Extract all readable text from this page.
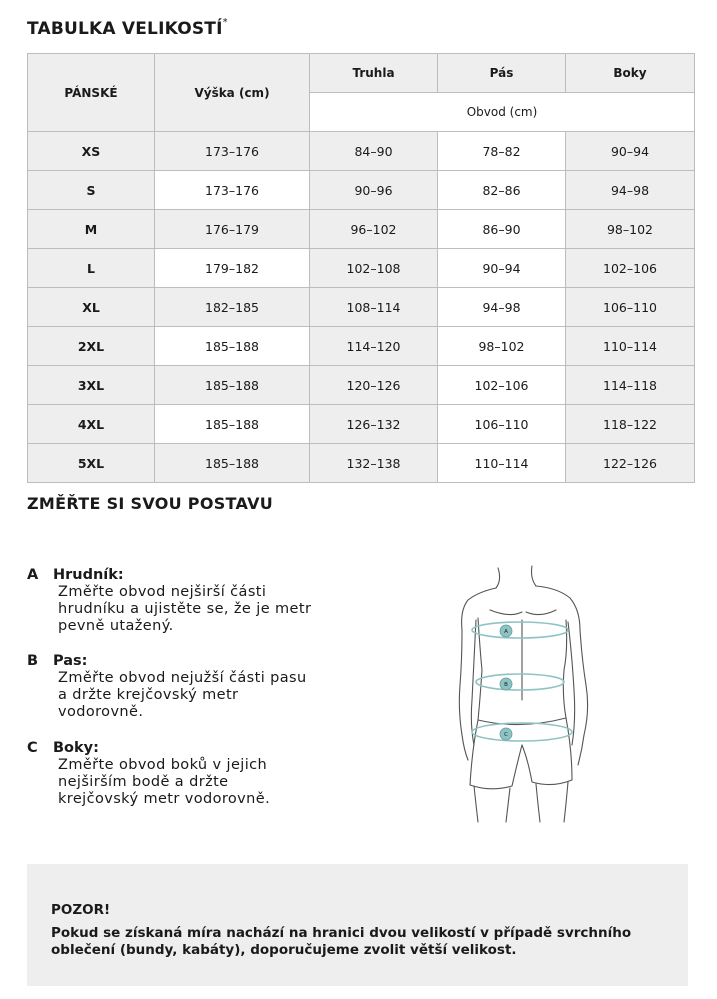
TABULKA VELIKOSTÍ*
PÁNSKÉ	Výška (cm)	Truhla	Pás	Boky
		Obvod (cm)		
XS	173–176	84–90	78–82	90–94
S	173–176	90–96	82–86	94–98
M	176–179	96–102	86–90	98–102
L	179–182	102–108	90–94	102–106
XL	182–185	108–114	94–98	106–110
2XL	185–188	114–120	98–102	110–114
3XL	185–188	120–126	102–106	114–118
4XL	185–188	126–132	106–110	118–122
5XL	185–188	132–138	110–114	122–126
ZMĚŘTE SI SVOU POSTAVU
A Hrudník:
Změřte obvod nejširší části
hrudníku a ujistěte se, že je metr
pevně utažený.
B Pas:
Změřte obvod nejužší části pasu
a držte krejčovský metr
vodorovně.
C Boky:
Změřte obvod boků v jejich
nejširším bodě a držte
krejčovský metr vodorovně.
A
B
C
POZOR!
Pokud se získaná míra nachází na hranici dvou velikostí v případě svrchního oblečení (bundy, kabáty), doporučujeme zvolit větší velikost.
